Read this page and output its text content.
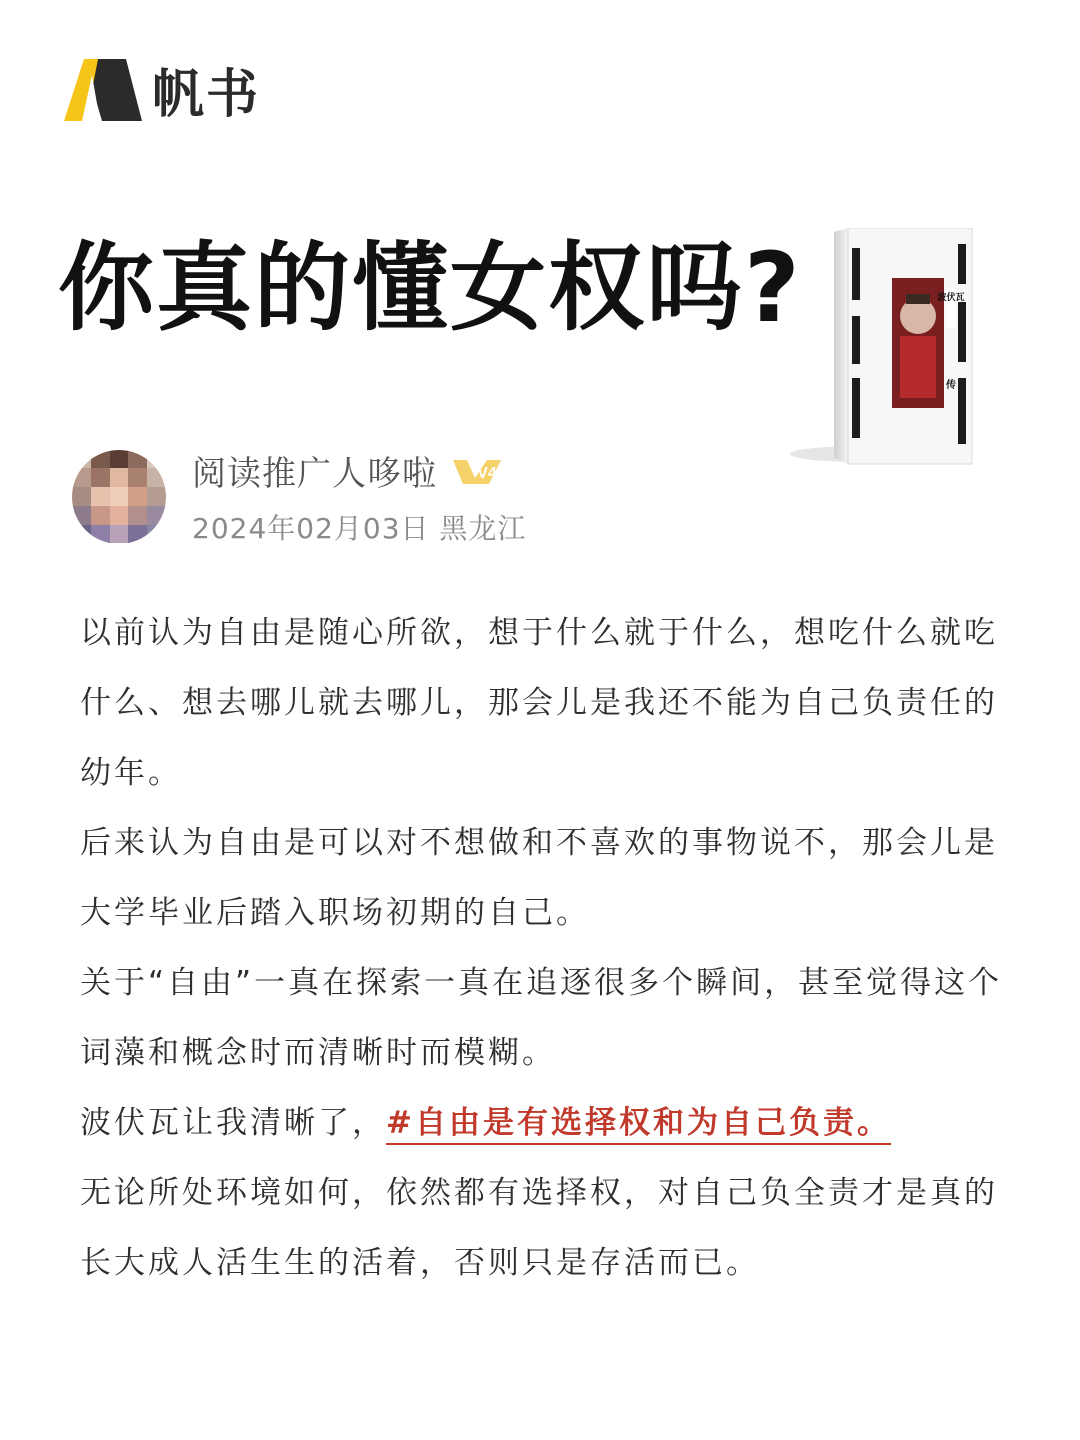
帆书
你真的懂女权吗?	波伏瓦
传
阅读推广人哆啦	V4
2024年02月03日 黑龙江

以前认为自由是随心所欲，想于什么就于什么，想吃什么就吃什么、想去哪儿就去哪儿，那会儿是我还不能为自己负责任的幼年。

后来认为自由是可以对不想做和不喜欢的事物说不，那会儿是大学毕业后踏入职场初期的自己。

关于“自由”一真在探索一真在追逐很多个瞬间，甚至觉得这个词藻和概念时而清晰时而模糊。

波伏瓦让我清晰了，#自由是有选择权和为自己负责。

无论所处环境如何，依然都有选择权，对自己负全责才是真的长大成人活生生的活着，否则只是存活而已。
